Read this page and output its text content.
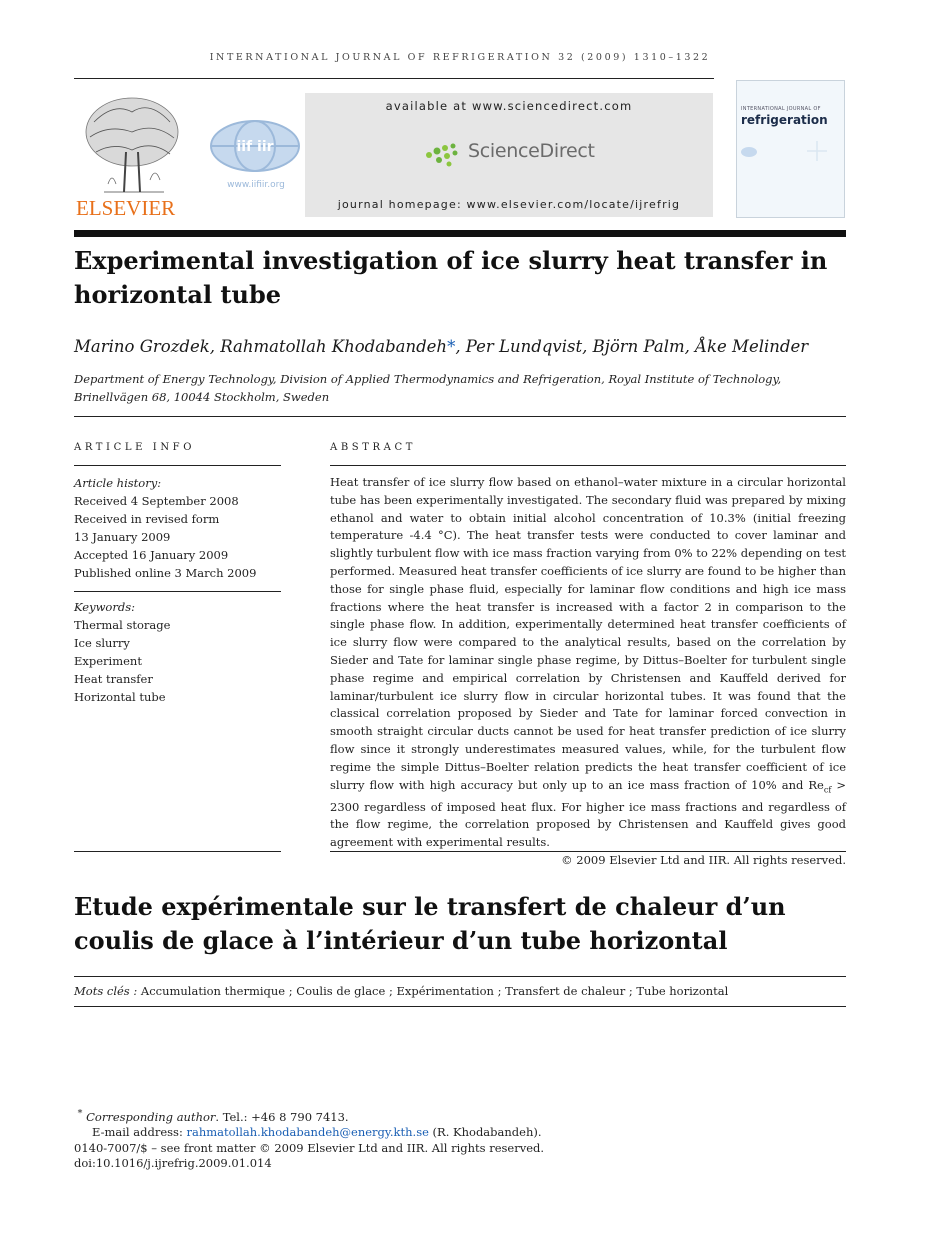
INTERNATIONAL JOURNAL OF REFRIGERATION 32 (2009) 1310–1322
ELSEVIER
iif iir
www.iifiir.org
available at www.sciencedirect.com
ScienceDirect
journal homepage: www.elsevier.com/locate/ijrefrig
INTERNATIONAL JOURNAL OF
refrigeration
Experimental investigation of ice slurry heat transfer in horizontal tube
Marino Grozdek, Rahmatollah Khodabandeh*, Per Lundqvist, Björn Palm, Åke Melinder
Department of Energy Technology, Division of Applied Thermodynamics and Refrigeration, Royal Institute of Technology,
Brinellvägen 68, 10044 Stockholm, Sweden
ARTICLE INFO	ABSTRACT
Article history:
Received 4 September 2008
Received in revised form
13 January 2009
Accepted 16 January 2009
Published online 3 March 2009
Keywords:
Thermal storage
Ice slurry
Experiment
Heat transfer
Horizontal tube
Heat transfer of ice slurry flow based on ethanol–water mixture in a circular horizontal tube has been experimentally investigated. The secondary fluid was prepared by mixing ethanol and water to obtain initial alcohol concentration of 10.3% (initial freezing temperature -4.4 °C). The heat transfer tests were conducted to cover laminar and slightly turbulent flow with ice mass fraction varying from 0% to 22% depending on test performed. Measured heat transfer coefficients of ice slurry are found to be higher than those for single phase fluid, especially for laminar flow conditions and high ice mass fractions where the heat transfer is increased with a factor 2 in comparison to the single phase flow. In addition, experimentally determined heat transfer coefficients of ice slurry flow were compared to the analytical results, based on the correlation by Sieder and Tate for laminar single phase regime, by Dittus–Boelter for turbulent single phase regime and empirical correlation by Christensen and Kauffeld derived for laminar/turbulent ice slurry flow in circular horizontal tubes. It was found that the classical correlation proposed by Sieder and Tate for laminar forced convection in smooth straight circular ducts cannot be used for heat transfer prediction of ice slurry flow since it strongly underestimates measured values, while, for the turbulent flow regime the simple Dittus–Boelter relation predicts the heat transfer coefficient of ice slurry flow with high accuracy but only up to an ice mass fraction of 10% and $Re_{cf} > 2300$ regardless of imposed heat flux. For higher ice mass fractions and regardless of the flow regime, the correlation proposed by Christensen and Kauffeld gives good agreement with experimental results.
© 2009 Elsevier Ltd and IIR. All rights reserved.
Etude expérimentale sur le transfert de chaleur d’un coulis de glace à l’intérieur d’un tube horizontal
Mots clés : Accumulation thermique ; Coulis de glace ; Expérimentation ; Transfert de chaleur ; Tube horizontal
* Corresponding author. Tel.: +46 8 790 7413.
E-mail address: rahmatollah.khodabandeh@energy.kth.se (R. Khodabandeh).
0140-7007/$ – see front matter © 2009 Elsevier Ltd and IIR. All rights reserved.
doi:10.1016/j.ijrefrig.2009.01.014
